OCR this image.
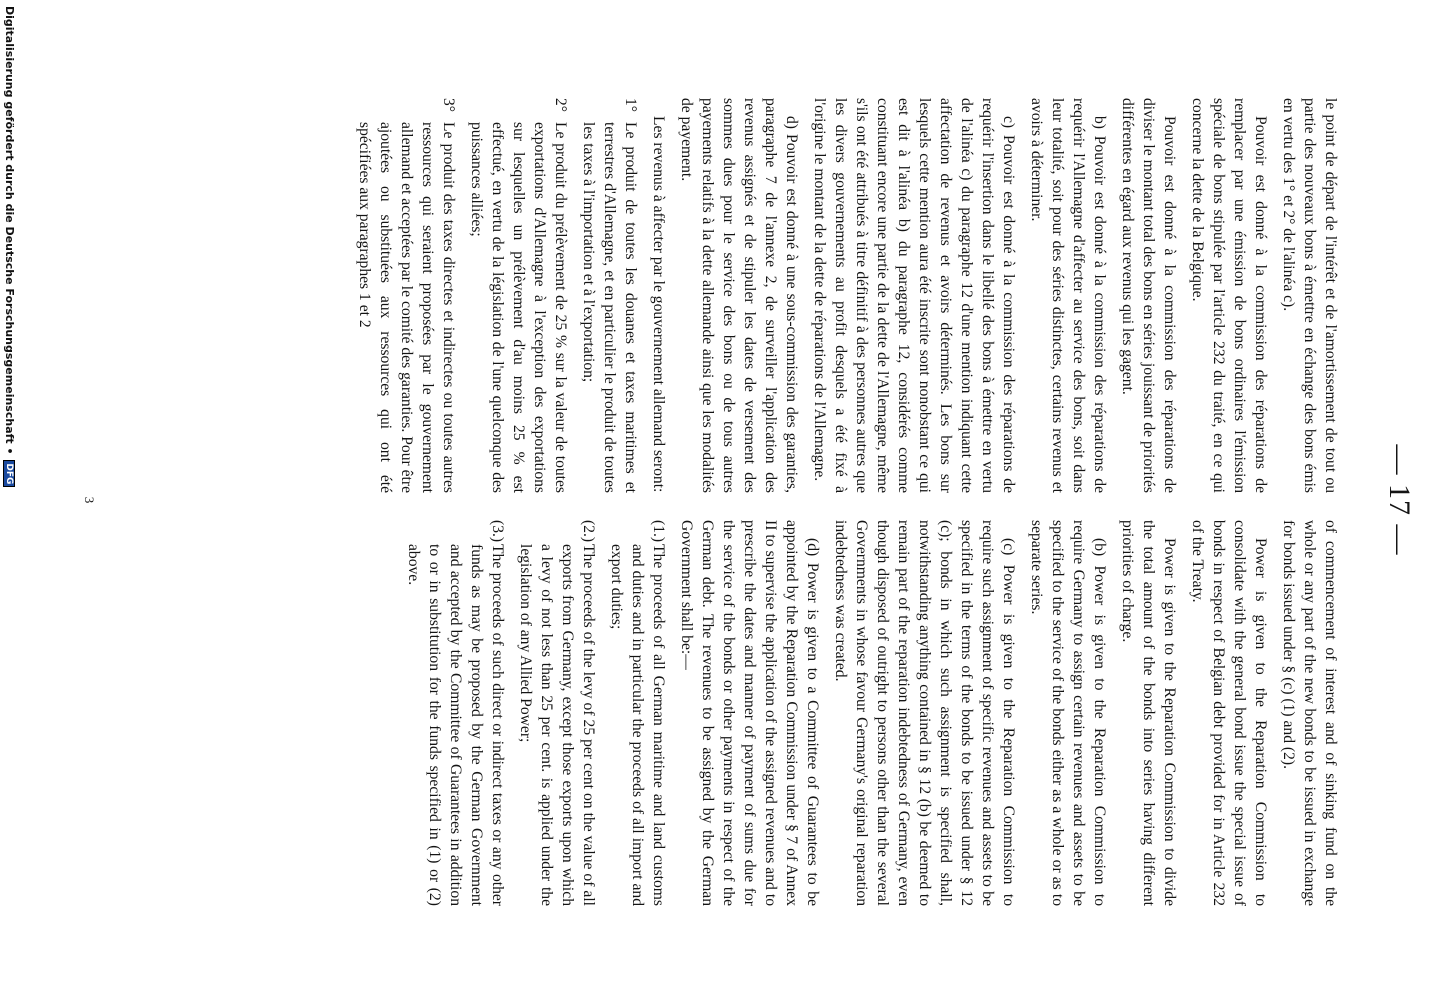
— 17 —

le point de départ de l'intérêt et de l'amortissement de tout ou partie des nouveaux bons à émettre en échange des bons émis en vertu des 1° et 2° de l'alinéa c).

Pouvoir est donné à la commission des réparations de remplacer par une émission de bons ordinaires l'émission spéciale de bons stipulée par l'article 232 du traité, en ce qui concerne la dette de la Belgique.

Pouvoir est donné à la commission des réparations de diviser le montant total des bons en séries jouissant de priorités différentes en égard aux revenus qui les gagent.

b) Pouvoir est donné à la commission des réparations de requérir l'Allemagne d'affecter au service des bons, soit dans leur totalité, soit pour des séries distinctes, certains revenus et avoirs à déterminer.

c) Pouvoir est donné à la commission des réparations de requérir l'insertion dans le libellé des bons à émettre en vertu de l'alinéa c) du paragraphe 12 d'une mention indiquant cette affectation de revenus et avoirs déterminés. Les bons sur lesquels cette mention aura été inscrite sont nonobstant ce qui est dit à l'alinéa b) du paragraphe 12, considérés comme constituant encore une partie de la dette de l'Allemagne, même s'ils ont été attribués à titre définitif à des personnes autres que les divers gouvernements au profit desquels a été fixé à l'origine le montant de la dette de réparations de l'Allemagne.

d) Pouvoir est donné à une sous-commission des garanties, paragraphe 7 de l'annexe 2, de surveiller l'application des revenus assignés et de stipuler les dates de versement des sommes dues pour le service des bons ou de tous autres payements relatifs à la dette allemande ainsi que les modalités de payement.

Les revenus à affecter par le gouvernement allemand seront:

1°
Le produit de toutes les douanes et taxes maritimes et terrestres d'Allemagne, et en particulier le produit de toutes les taxes à l'importation et à l'exportation;

2°
Le produit du prélèvement de 25 % sur la valeur de toutes exportations d'Allemagne à l'exception des exportations sur lesquelles un prélèvement d'au moins 25 % est effectué, en vertu de la législation de l'une quelconque des puissances alliées;

3°
Le produit des taxes directes et indirectes ou toutes autres ressources qui seraient proposées par le gouvernement allemand et acceptées par le comité des garanties. Pour être ajoutées ou substituées aux ressources qui ont été spécifiées aux paragraphes 1 et 2

of commencement of interest and of sinking fund on the whole or any part of the new bonds to be issued in exchange for bonds issued under § (c) (1) and (2).

Power is given to the Reparation Commission to consolidate with the general bond issue the special issue of bonds in respect of Belgian debt provided for in Article 232 of the Treaty.

Power is given to the Reparation Commission to divide the total amount of the bonds into series having different priorities of charge.

(b) Power is given to the Reparation Commission to require Germany to assign certain revenues and assets to be specified to the service of the bonds either as a whole or as to separate series.

(c) Power is given to the Reparation Commission to require such assignment of specific revenues and assets to be specified in the terms of the bonds to be issued under § 12 (c); bonds in which such assignment is specified shall, notwithstanding anything contained in § 12 (b) be deemed to remain part of the reparation indebtedness of Germany, even though disposed of outright to persons other than the several Governments in whose favour Germany's original reparation indebtedness was created.

(d) Power is given to a Committee of Guarantees to be appointed by the Reparation Commission under § 7 of Annex II to supervise the application of the assigned revenues and to prescribe the dates and manner of payment of sums due for the service of the bonds or other payments in respect of the German debt. The revenues to be assigned by the German Government shall be:—

(1.)
The proceeds of all German maritime and land customs and duties and in particular the proceeds of all import and export duties;

(2.)
The proceeds of the levy of 25 per cent on the value of all exports from Germany, except those exports upon which a levy of not less than 25 per cent. is applied under the legislation of any Allied Power;

(3.)
The proceeds of such direct or indirect taxes or any other funds as may be proposed by the German Government and accepted by the Committee of Guarantees in addition to or in substitution for the funds specified in (1) or (2) above.

3
Digitalisierung gefördert durch die Deutsche Forschungsgemeinschaft • DFG
